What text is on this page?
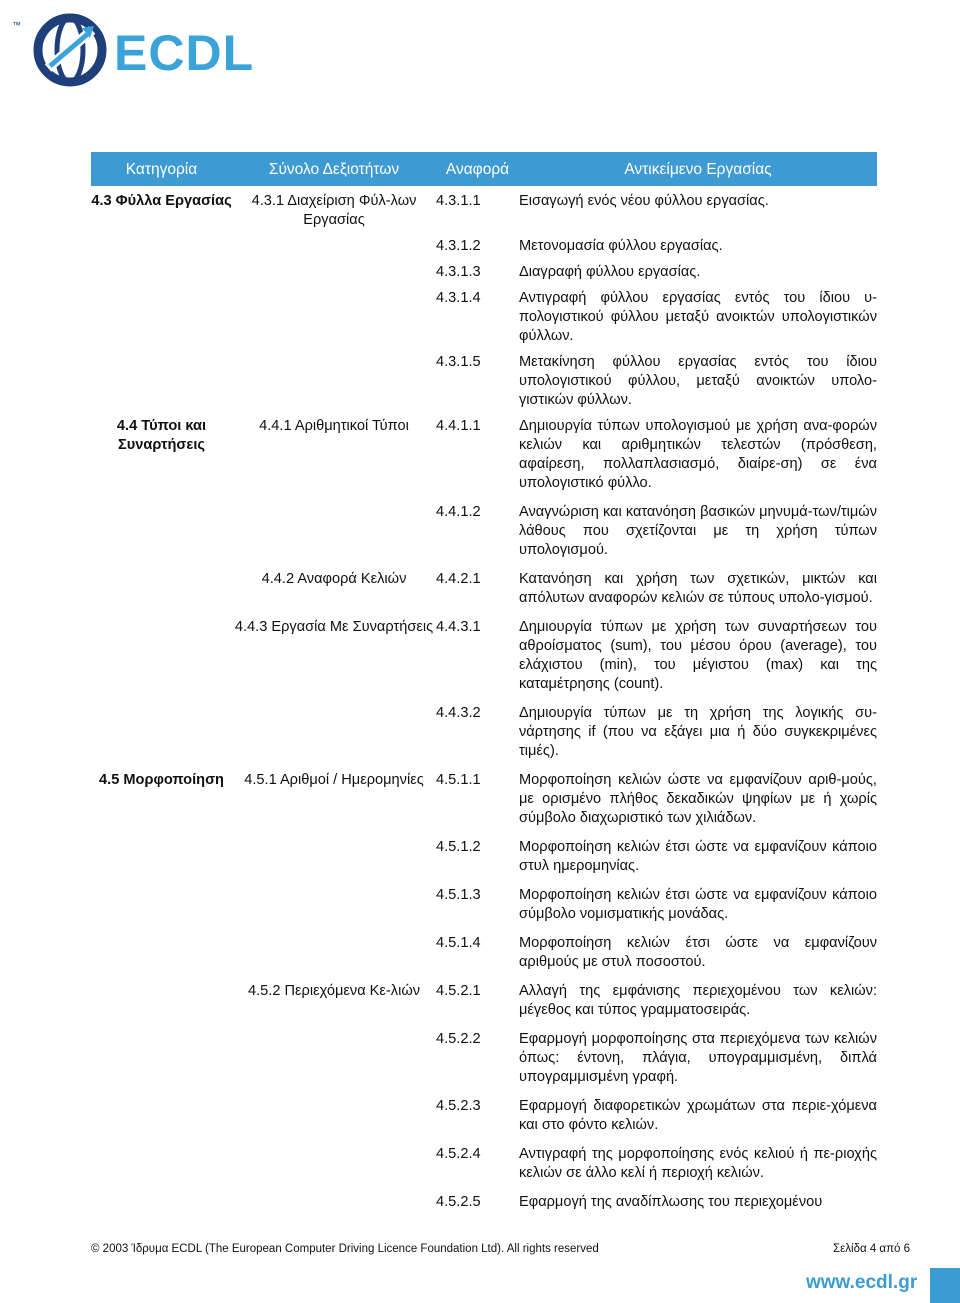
™ ECDL
Κατηγορία	Σύνολο Δεξιοτήτων	Αναφορά	Αντικείμενο Εργασίας
4.3 Φύλλα Εργασίας	4.3.1 Διαχείριση Φύλ-λων Εργασίας	4.3.1.1	Εισαγωγή ενός νέου φύλλου εργασίας.
		4.3.1.2	Μετονομασία φύλλου εργασίας.
		4.3.1.3	Διαγραφή φύλλου εργασίας.
		4.3.1.4	Αντιγραφή φύλλου εργασίας εντός του ίδιου υ-πολογιστικού φύλλου μεταξύ ανοικτών υπολογιστικών φύλλων.
		4.3.1.5	Μετακίνηση φύλλου εργασίας εντός του ίδιου υπολογιστικού φύλλου, μεταξύ ανοικτών υπολο-γιστικών φύλλων.
4.4 Τύποι και Συναρτήσεις	4.4.1 Αριθμητικοί Τύποι	4.4.1.1	Δημιουργία τύπων υπολογισμού με χρήση ανα-φορών κελιών και αριθμητικών τελεστών (πρόσθεση, αφαίρεση, πολλαπλασιασμό, διαίρε-ση) σε ένα υπολογιστικό φύλλο.
		4.4.1.2	Αναγνώριση και κατανόηση βασικών μηνυμά-των/τιμών λάθους που σχετίζονται με τη χρήση τύπων υπολογισμού.
	4.4.2 Αναφορά Κελιών	4.4.2.1	Κατανόηση και χρήση των σχετικών, μικτών και απόλυτων αναφορών κελιών σε τύπους υπολο-γισμού.
	4.4.3 Εργασία Με Συναρτήσεις	4.4.3.1	Δημιουργία τύπων με χρήση των συναρτήσεων του αθροίσματος (sum), του μέσου όρου (average), του ελάχιστου (min), του μέγιστου (max) και της καταμέτρησης (count).
		4.4.3.2	Δημιουργία τύπων με τη χρήση της λογικής συ-νάρτησης if (που να εξάγει μια ή δύο συγκεκριμένες τιμές).
4.5 Μορφοποίηση	4.5.1 Αριθμοί / Ημερομηνίες	4.5.1.1	Μορφοποίηση κελιών ώστε να εμφανίζουν αριθ-μούς, με ορισμένο πλήθος δεκαδικών ψηφίων με ή χωρίς σύμβολο διαχωριστικό των χιλιάδων.
		4.5.1.2	Μορφοποίηση κελιών έτσι ώστε να εμφανίζουν κάποιο στυλ ημερομηνίας.
		4.5.1.3	Μορφοποίηση κελιών έτσι ώστε να εμφανίζουν κάποιο σύμβολο νομισματικής μονάδας.
		4.5.1.4	Μορφοποίηση κελιών έτσι ώστε να εμφανίζουν αριθμούς με στυλ ποσοστού.
	4.5.2 Περιεχόμενα Κε-λιών	4.5.2.1	Αλλαγή της εμφάνισης περιεχομένου των κελιών: μέγεθος και τύπος γραμματοσειράς.
		4.5.2.2	Εφαρμογή μορφοποίησης στα περιεχόμενα των κελιών όπως: έντονη, πλάγια, υπογραμμισμένη, διπλά υπογραμμισμένη γραφή.
		4.5.2.3	Εφαρμογή διαφορετικών χρωμάτων στα περιε-χόμενα και στο φόντο κελιών.
		4.5.2.4	Αντιγραφή της μορφοποίησης ενός κελιού ή πε-ριοχής κελιών σε άλλο κελί ή περιοχή κελιών.
		4.5.2.5	Εφαρμογή της αναδίπλωσης του περιεχομένου
© 2003 Ίδρυμα ECDL (The European Computer Driving Licence Foundation Ltd). All rights reserved	Σελίδα 4 από 6
www.ecdl.gr
